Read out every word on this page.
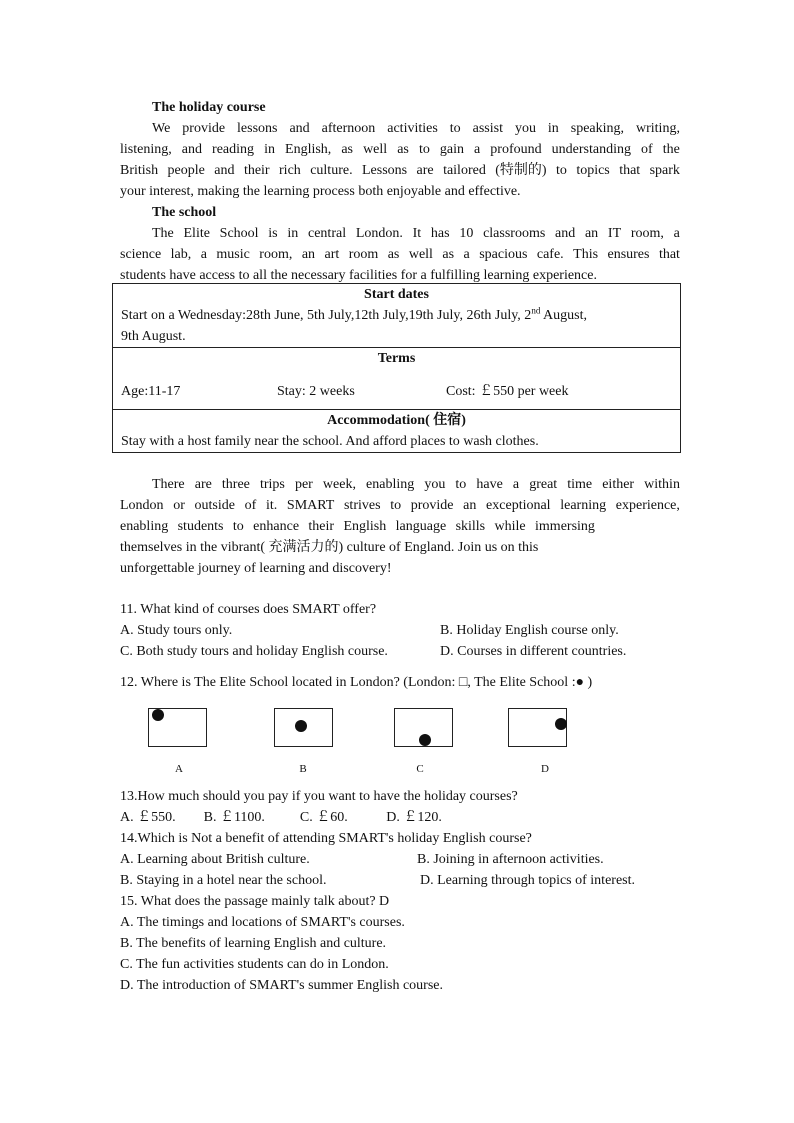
The holiday course
We provide lessons and afternoon activities to assist you in speaking, writing,
listening, and reading in English, as well as to gain a profound understanding of the
British people and their rich culture. Lessons are tailored (特制的) to topics that spark
your interest, making the learning process both enjoyable and effective.
The school
The Elite School is in central London. It has 10 classrooms and an IT room, a
science lab, a music room, an art room as well as a spacious cafe. This ensures that
students have access to all the necessary facilities for a fulfilling learning experience.
Start dates
Start on a Wednesday:28th June, 5th July,12th July,19th July, 26th July, 2nd August,
9th August.

Terms
Age:11-17	Stay: 2 weeks	Cost: ￡550 per week

Accommodation( 住宿)
Stay with a host family near the school. And afford places to wash clothes.
There are three trips per week, enabling you to have a great time either within
London or outside of it. SMART strives to provide an exceptional learning experience,
enabling students to enhance their English language skills while immersing
themselves in the vibrant( 充满活力的) culture of England. Join us on this
unforgettable journey of learning and discovery!
11. What kind of courses does SMART offer?
A. Study tours only.	B. Holiday English course only.
C. Both study tours and holiday English course.	D. Courses in different countries.
12. Where is The Elite School located in London? (London: □, The Elite School :● )
A	B	C	D
13.How much should you pay if you want to have the holiday courses?
A. ￡550.        B. ￡1100.          C. ￡60.           D. ￡120.
14.Which is Not a benefit of attending SMART's holiday English course?
A. Learning about British culture.	B. Joining in afternoon activities.
B. Staying in a hotel near the school.	D. Learning through topics of interest.
15. What does the passage mainly talk about? D
A. The timings and locations of SMART's courses.
B. The benefits of learning English and culture.
C. The fun activities students can do in London.
D. The introduction of SMART's summer English course.
